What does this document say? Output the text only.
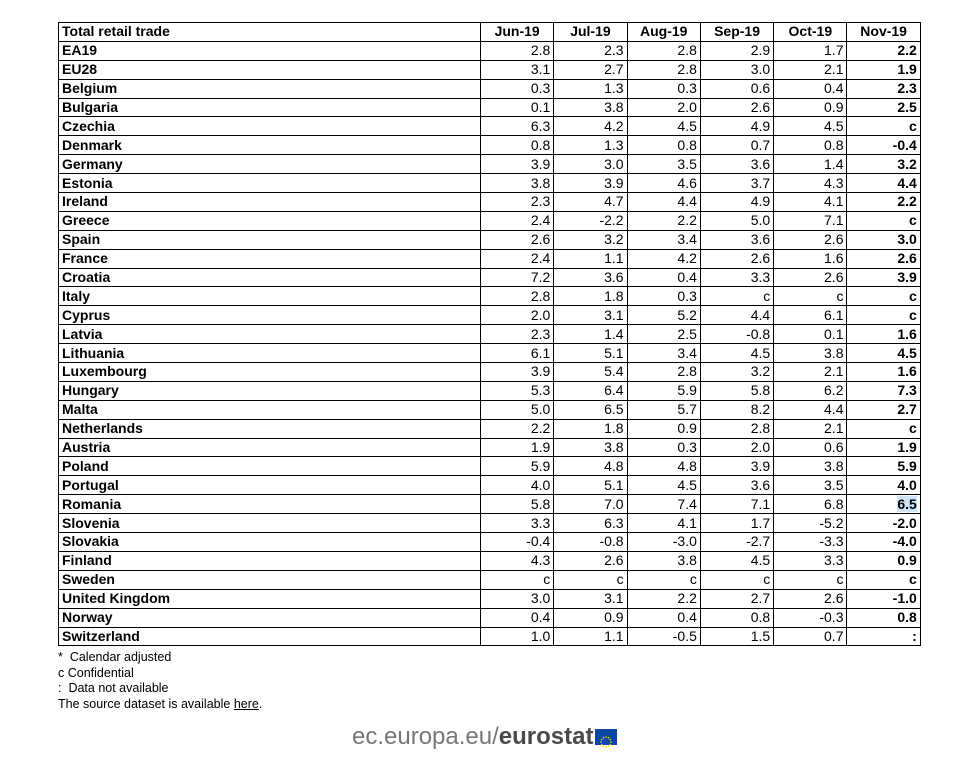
Total retail trade	Jun-19	Jul-19	Aug-19	Sep-19	Oct-19	Nov-19
EA19	2.8	2.3	2.8	2.9	1.7	2.2
EU28	3.1	2.7	2.8	3.0	2.1	1.9
Belgium	0.3	1.3	0.3	0.6	0.4	2.3
Bulgaria	0.1	3.8	2.0	2.6	0.9	2.5
Czechia	6.3	4.2	4.5	4.9	4.5	c
Denmark	0.8	1.3	0.8	0.7	0.8	-0.4
Germany	3.9	3.0	3.5	3.6	1.4	3.2
Estonia	3.8	3.9	4.6	3.7	4.3	4.4
Ireland	2.3	4.7	4.4	4.9	4.1	2.2
Greece	2.4	-2.2	2.2	5.0	7.1	c
Spain	2.6	3.2	3.4	3.6	2.6	3.0
France	2.4	1.1	4.2	2.6	1.6	2.6
Croatia	7.2	3.6	0.4	3.3	2.6	3.9
Italy	2.8	1.8	0.3	c	c	c
Cyprus	2.0	3.1	5.2	4.4	6.1	c
Latvia	2.3	1.4	2.5	-0.8	0.1	1.6
Lithuania	6.1	5.1	3.4	4.5	3.8	4.5
Luxembourg	3.9	5.4	2.8	3.2	2.1	1.6
Hungary	5.3	6.4	5.9	5.8	6.2	7.3
Malta	5.0	6.5	5.7	8.2	4.4	2.7
Netherlands	2.2	1.8	0.9	2.8	2.1	c
Austria	1.9	3.8	0.3	2.0	0.6	1.9
Poland	5.9	4.8	4.8	3.9	3.8	5.9
Portugal	4.0	5.1	4.5	3.6	3.5	4.0
Romania	5.8	7.0	7.4	7.1	6.8	6.5
Slovenia	3.3	6.3	4.1	1.7	-5.2	-2.0
Slovakia	-0.4	-0.8	-3.0	-2.7	-3.3	-4.0
Finland	4.3	2.6	3.8	4.5	3.3	0.9
Sweden	c	c	c	c	c	c
United Kingdom	3.0	3.1	2.2	2.7	2.6	-1.0
Norway	0.4	0.9	0.4	0.8	-0.3	0.8
Switzerland	1.0	1.1	-0.5	1.5	0.7	:
* Calendar adjusted
c Confidential
: Data not available
The source dataset is available here.
ec.europa.eu/ eurostat
